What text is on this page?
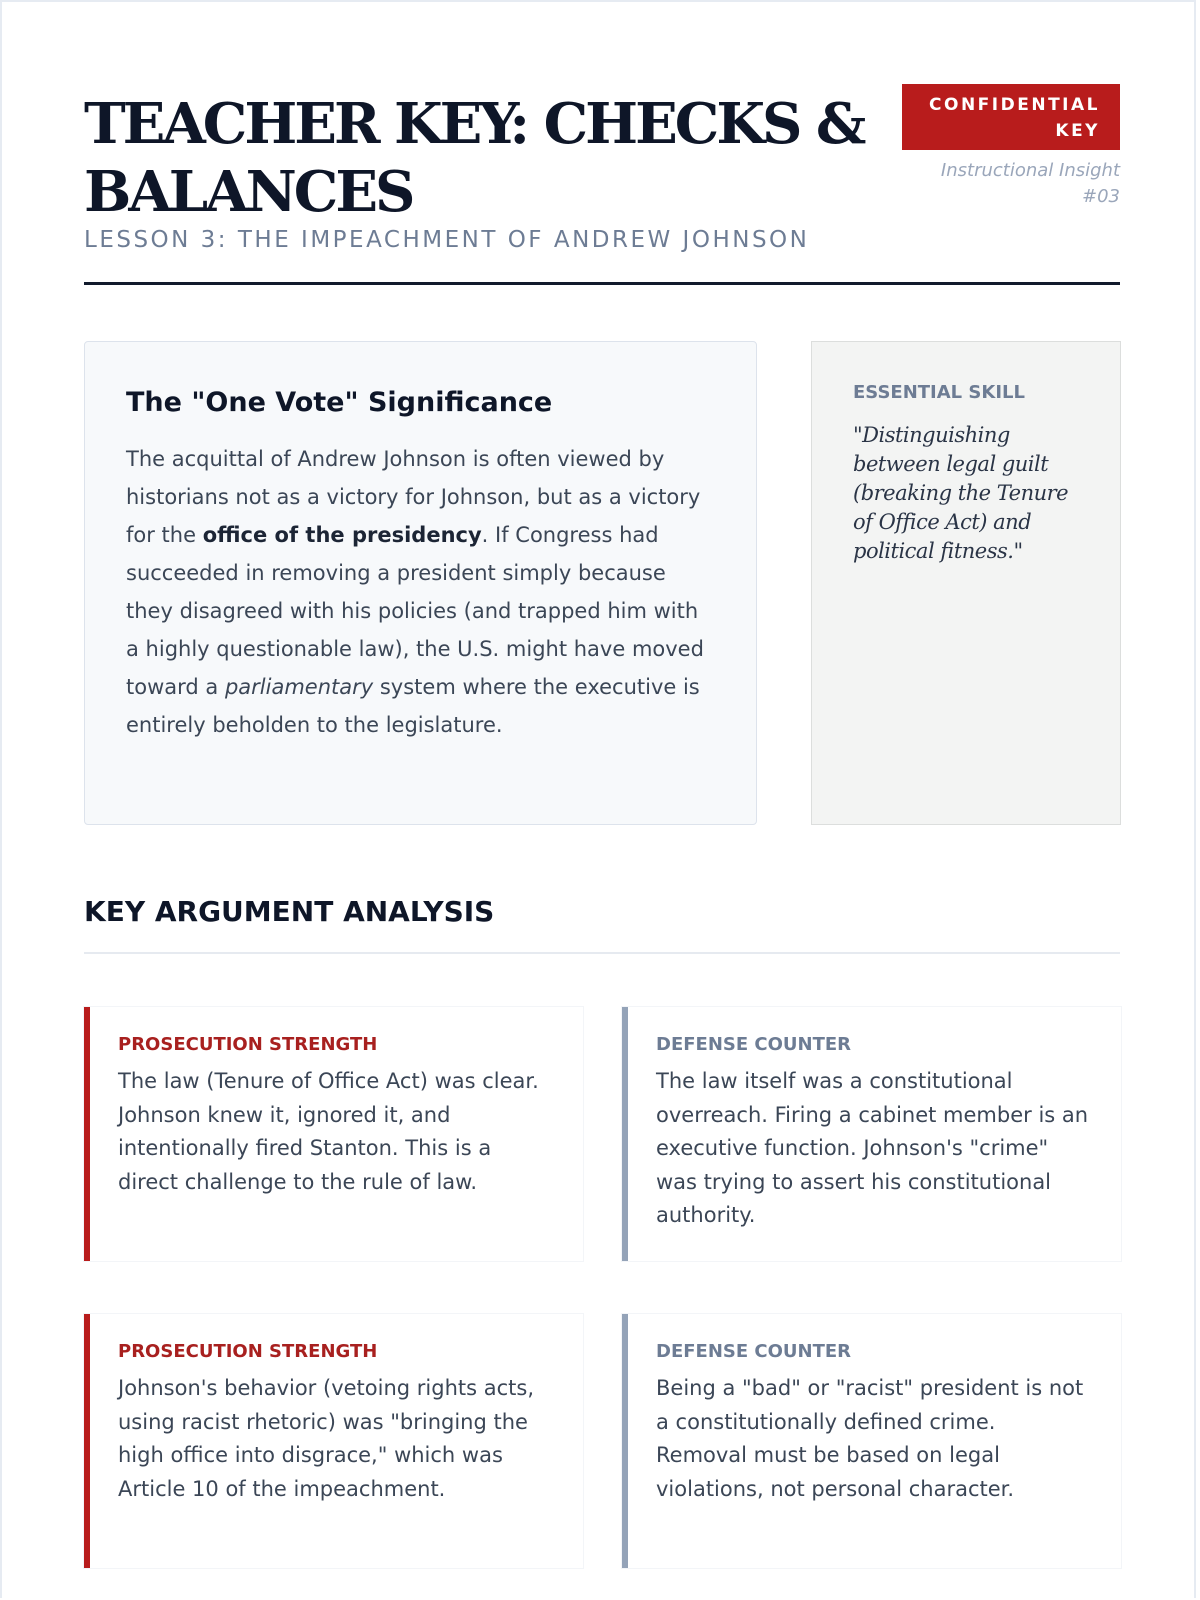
TEACHER KEY: CHECKS & BALANCES
LESSON 3: THE IMPEACHMENT OF ANDREW JOHNSON
CONFIDENTIAL KEY
Instructional Insight #03
The "One Vote" Significance

The acquittal of Andrew Johnson is often viewed by historians not as a victory for Johnson, but as a victory for the office of the presidency. If Congress had succeeded in removing a president simply because they disagreed with his policies (and trapped him with a highly questionable law), the U.S. might have moved toward a parliamentary system where the executive is entirely beholden to the legislature.

ESSENTIAL SKILL

"Distinguishing between legal guilt (breaking the Tenure of Office Act) and political fitness."

KEY ARGUMENT ANALYSIS
PROSECUTION STRENGTH

The law (Tenure of Office Act) was clear. Johnson knew it, ignored it, and intentionally fired Stanton. This is a direct challenge to the rule of law.

DEFENSE COUNTER

The law itself was a constitutional overreach. Firing a cabinet member is an executive function. Johnson's "crime" was trying to assert his constitutional authority.

PROSECUTION STRENGTH

Johnson's behavior (vetoing rights acts, using racist rhetoric) was "bringing the high office into disgrace," which was Article 10 of the impeachment.

DEFENSE COUNTER

Being a "bad" or "racist" president is not a constitutionally defined crime. Removal must be based on legal violations, not personal character.
